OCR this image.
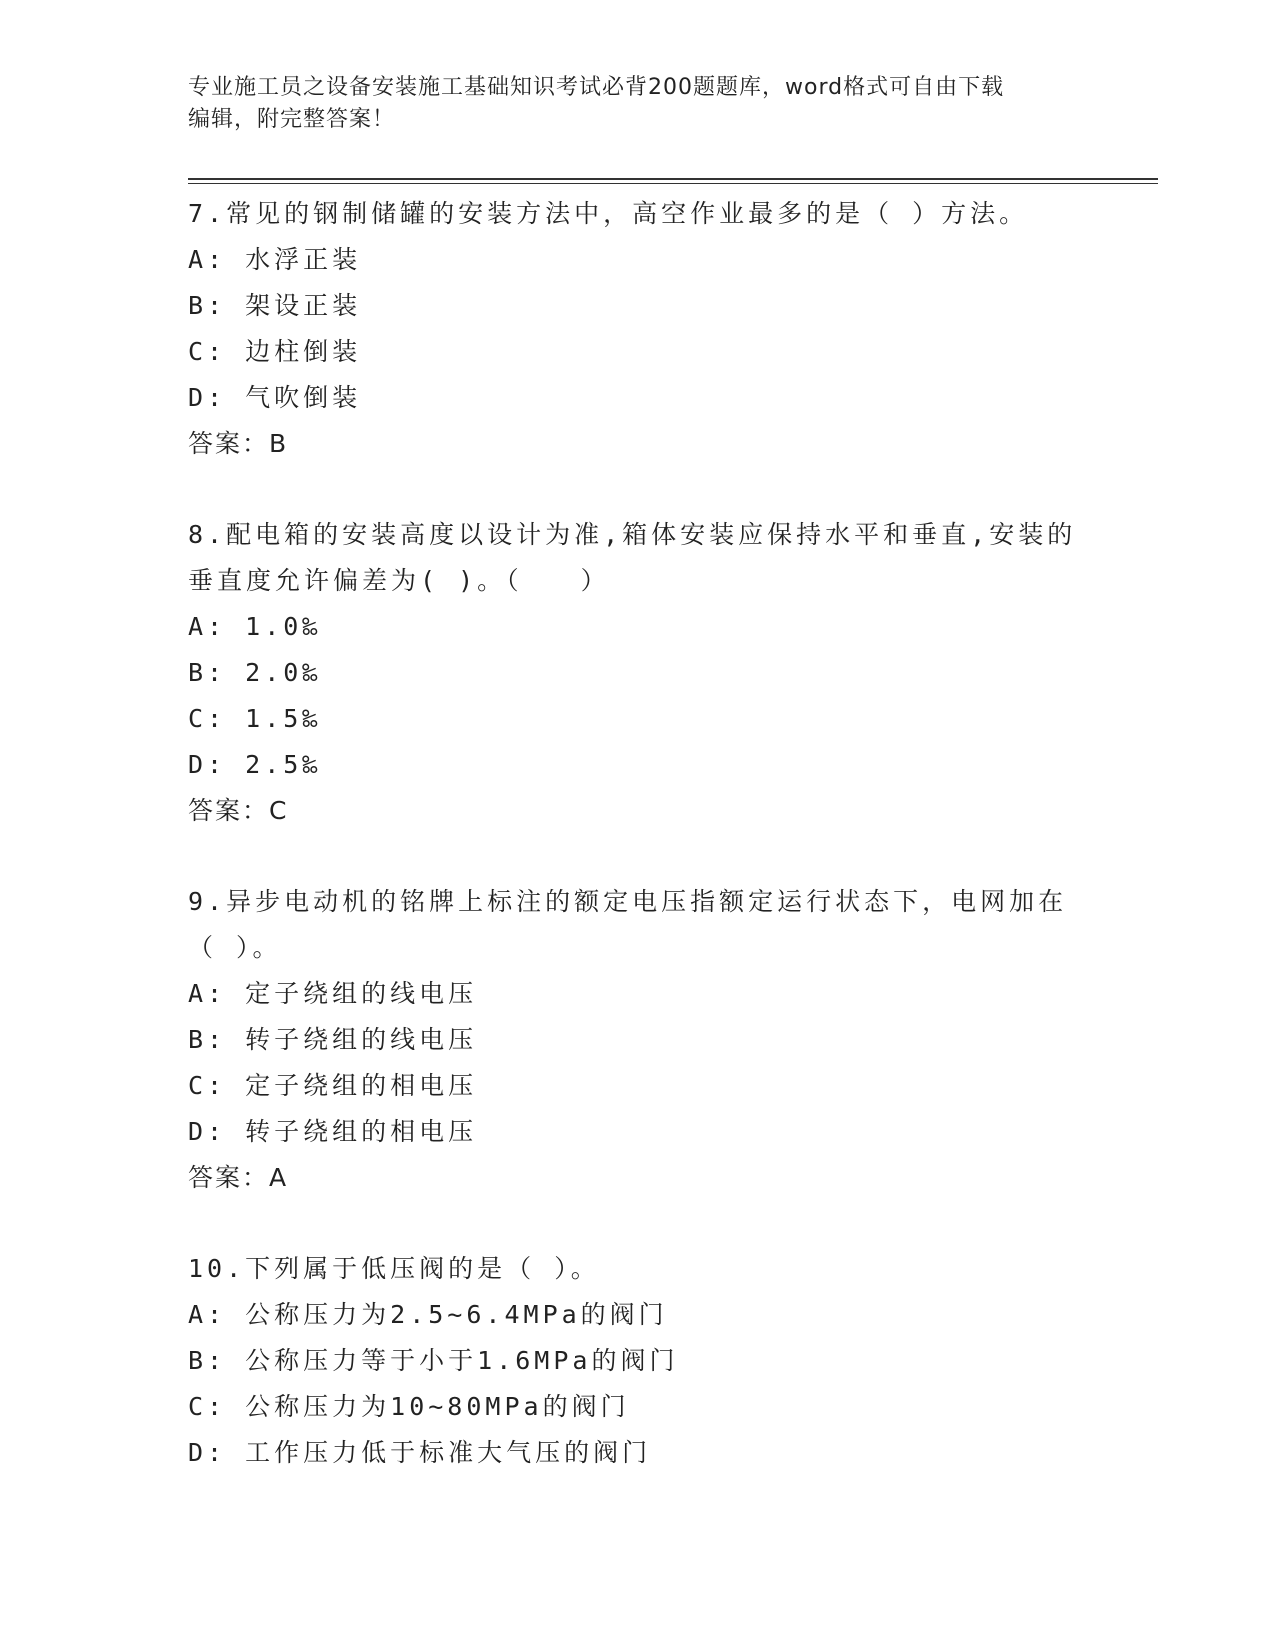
专业施工员之设备安装施工基础知识考试必背200题题库，word格式可自由下载
编辑，附完整答案！
7.常见的钢制储罐的安装方法中，高空作业最多的是（ ）方法。
A: 水浮正装
B: 架设正装
C: 边柱倒装
D: 气吹倒装
答案：B
8.配电箱的安装高度以设计为准,箱体安装应保持水平和垂直,安装的
垂直度允许偏差为( )。（　　）
A: 1.0‰
B: 2.0‰
C: 1.5‰
D: 2.5‰
答案：C
9.异步电动机的铭牌上标注的额定电压指额定运行状态下，电网加在
（ ）。
A: 定子绕组的线电压
B: 转子绕组的线电压
C: 定子绕组的相电压
D: 转子绕组的相电压
答案：A
10.下列属于低压阀的是（ ）。
A: 公称压力为2.5~6.4MPa的阀门
B: 公称压力等于小于1.6MPa的阀门
C: 公称压力为10~80MPa的阀门
D: 工作压力低于标准大气压的阀门
